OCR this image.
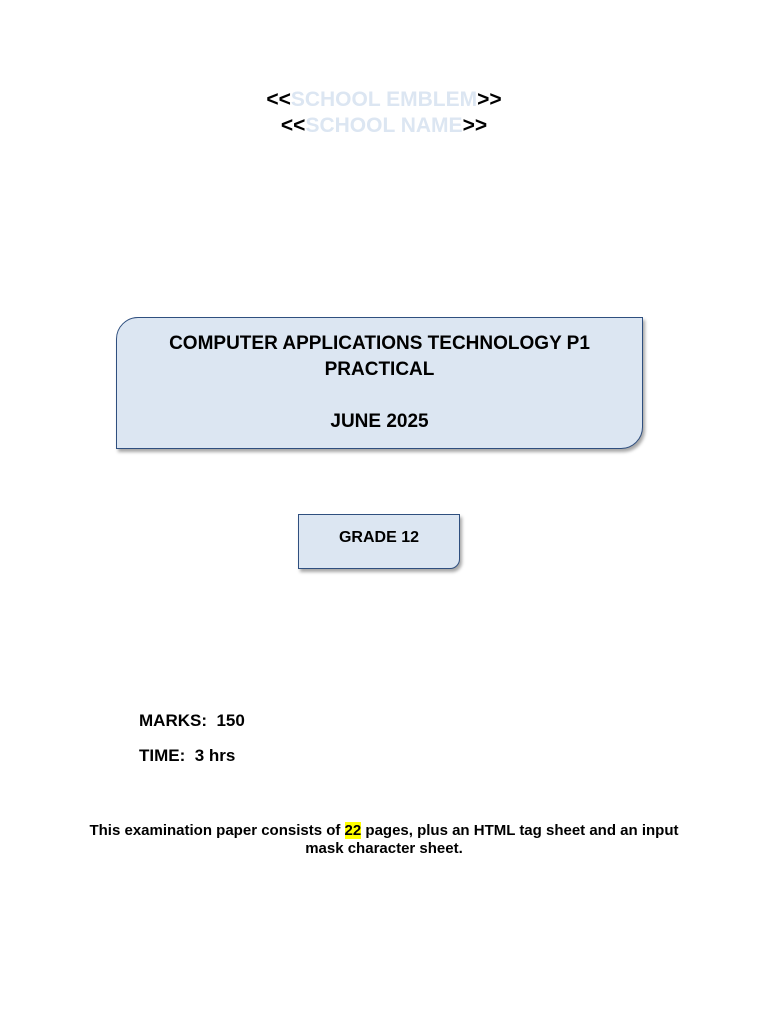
<<SCHOOL EMBLEM>>
<<SCHOOL NAME>>
COMPUTER APPLICATIONS TECHNOLOGY P1
PRACTICAL
JUNE 2025
GRADE 12
MARKS: 150
TIME: 3 hrs
This examination paper consists of 22 pages, plus an HTML tag sheet and an input mask character sheet.
